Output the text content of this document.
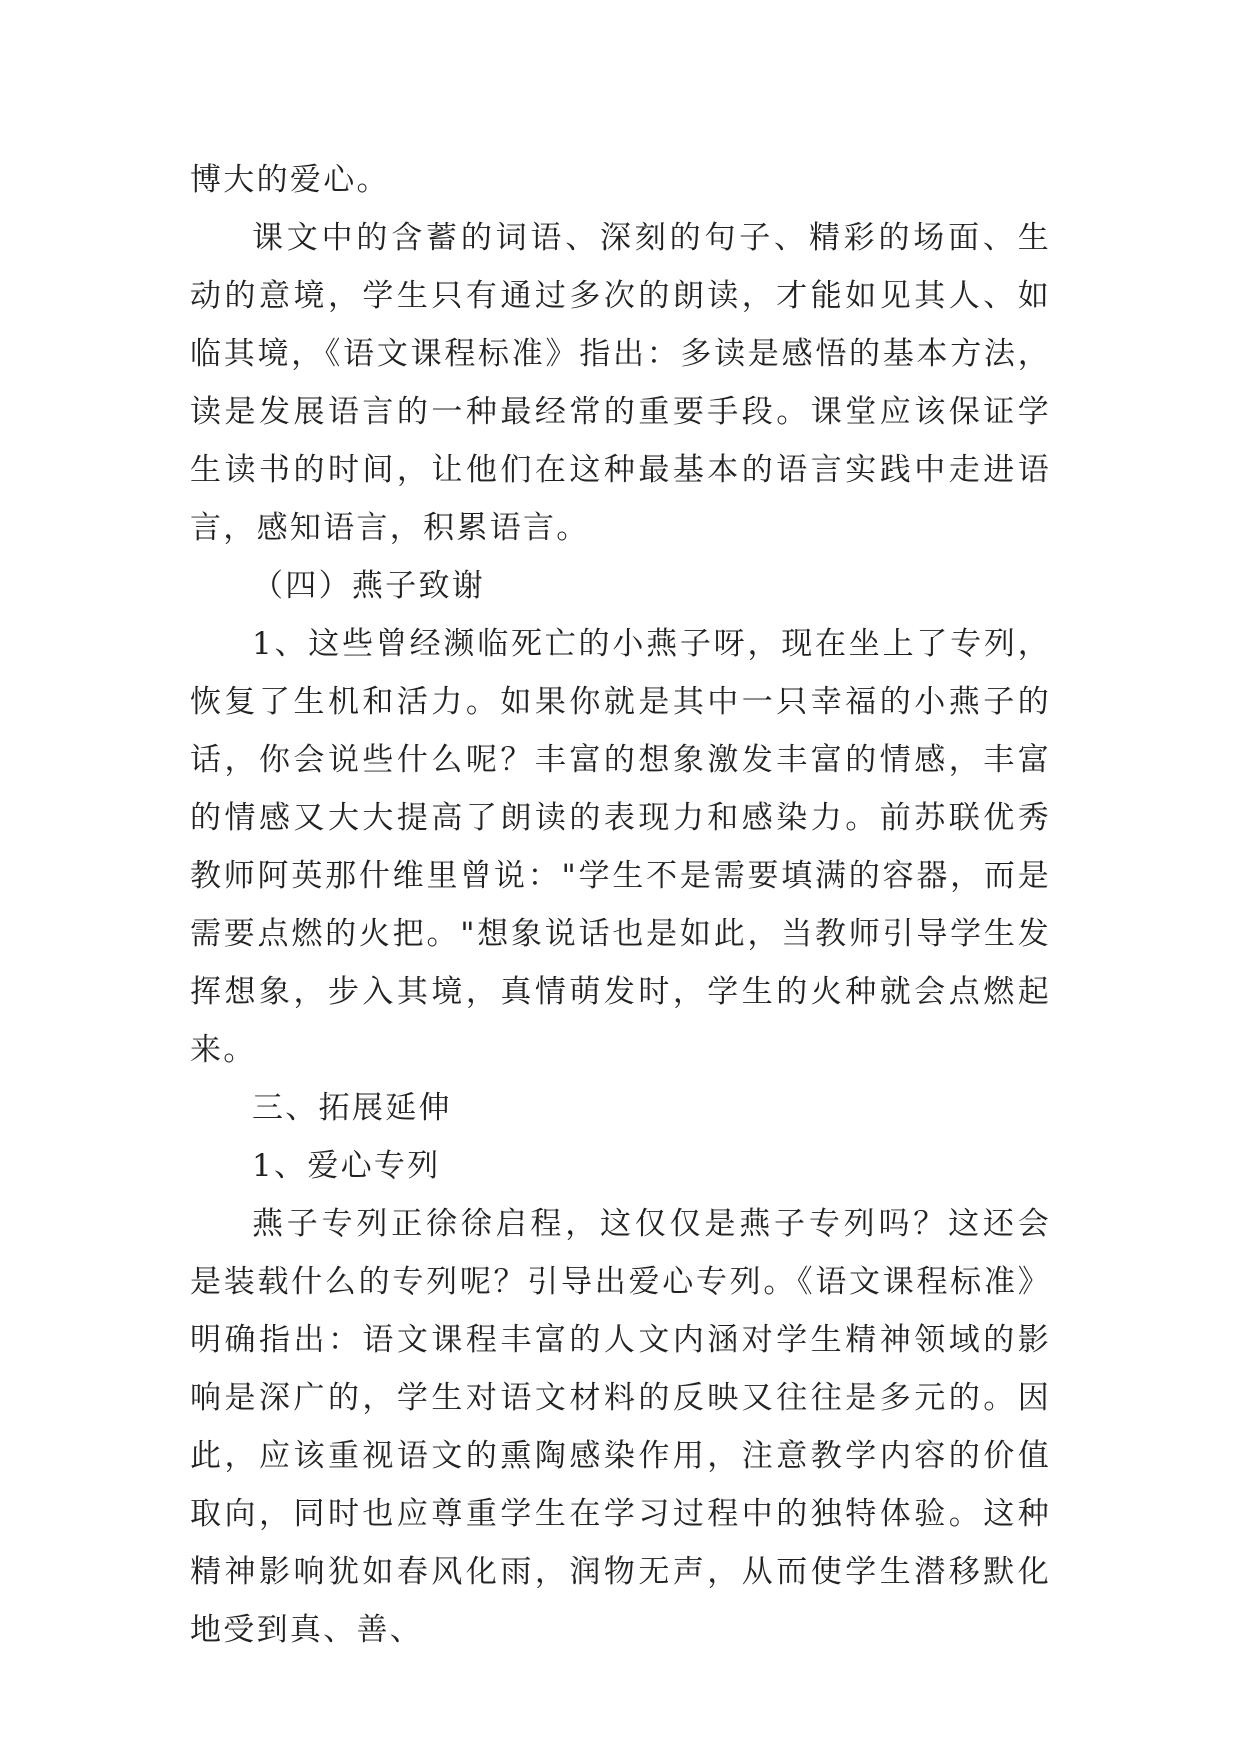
博大的爱心。

课文中的含蓄的词语、深刻的句子、精彩的场面、生动的意境，学生只有通过多次的朗读，才能如见其人、如临其境，《语文课程标准》指出：多读是感悟的基本方法，读是发展语言的一种最经常的重要手段。课堂应该保证学生读书的时间，让他们在这种最基本的语言实践中走进语言，感知语言，积累语言。

（四）燕子致谢

1、这些曾经濒临死亡的小燕子呀，现在坐上了专列，恢复了生机和活力。如果你就是其中一只幸福的小燕子的话，你会说些什么呢？丰富的想象激发丰富的情感，丰富的情感又大大提高了朗读的表现力和感染力。前苏联优秀教师阿英那什维里曾说："学生不是需要填满的容器，而是需要点燃的火把。"想象说话也是如此，当教师引导学生发挥想象，步入其境，真情萌发时，学生的火种就会点燃起来。

三、拓展延伸

1、爱心专列

燕子专列正徐徐启程，这仅仅是燕子专列吗？这还会是装载什么的专列呢？引导出爱心专列。《语文课程标准》明确指出：语文课程丰富的人文内涵对学生精神领域的影响是深广的，学生对语文材料的反映又往往是多元的。因此，应该重视语文的熏陶感染作用，注意教学内容的价值取向，同时也应尊重学生在学习过程中的独特体验。这种精神影响犹如春风化雨，润物无声，从而使学生潜移默化地受到真、善、
